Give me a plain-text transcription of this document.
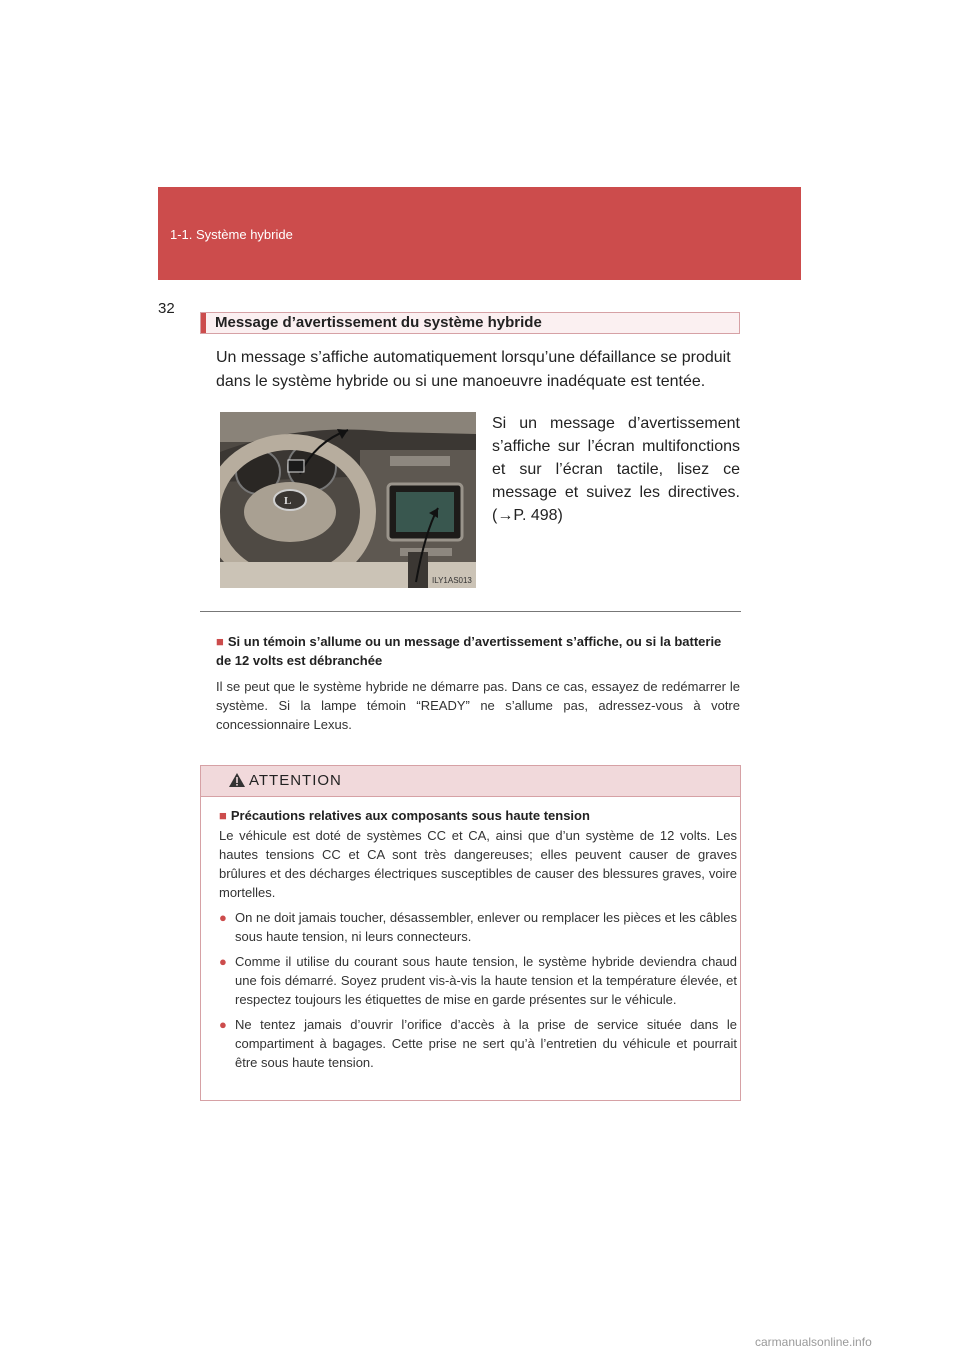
1-1. Système hybride
32
Message d’avertissement du système hybride
Un message s’affiche automatiquement lorsqu’une défaillance se produit dans le système hybride ou si une manoeuvre inadéquate est tentée.
L
ILY1AS013
Si un message d’avertissement s’affiche sur l’écran multifonctions et sur l’écran tactile, lisez ce message et suivez les directives. (→P. 498)
■ Si un témoin s’allume ou un message d’avertissement s’affiche, ou si la batterie de 12 volts est débranchée
Il se peut que le système hybride ne démarre pas. Dans ce cas, essayez de redémarrer le système. Si la lampe témoin “READY” ne s’allume pas, adressez-vous à votre concessionnaire Lexus.
ATTENTION
■ Précautions relatives aux composants sous haute tension
Le véhicule est doté de systèmes CC et CA, ainsi que d’un système de 12 volts. Les hautes tensions CC et CA sont très dangereuses; elles peuvent causer de graves brûlures et des décharges électriques susceptibles de causer des blessures graves, voire mortelles.
● On ne doit jamais toucher, désassembler, enlever ou remplacer les pièces et les câbles sous haute tension, ni leurs connecteurs.
● Comme il utilise du courant sous haute tension, le système hybride deviendra chaud une fois démarré. Soyez prudent vis-à-vis la haute tension et la température élevée, et respectez toujours les étiquettes de mise en garde présentes sur le véhicule.
● Ne tentez jamais d’ouvrir l’orifice d’accès à la prise de service située dans le compartiment à bagages. Cette prise ne sert qu’à l’entretien du véhicule et pourrait être sous haute tension.
carmanualsonline.info
